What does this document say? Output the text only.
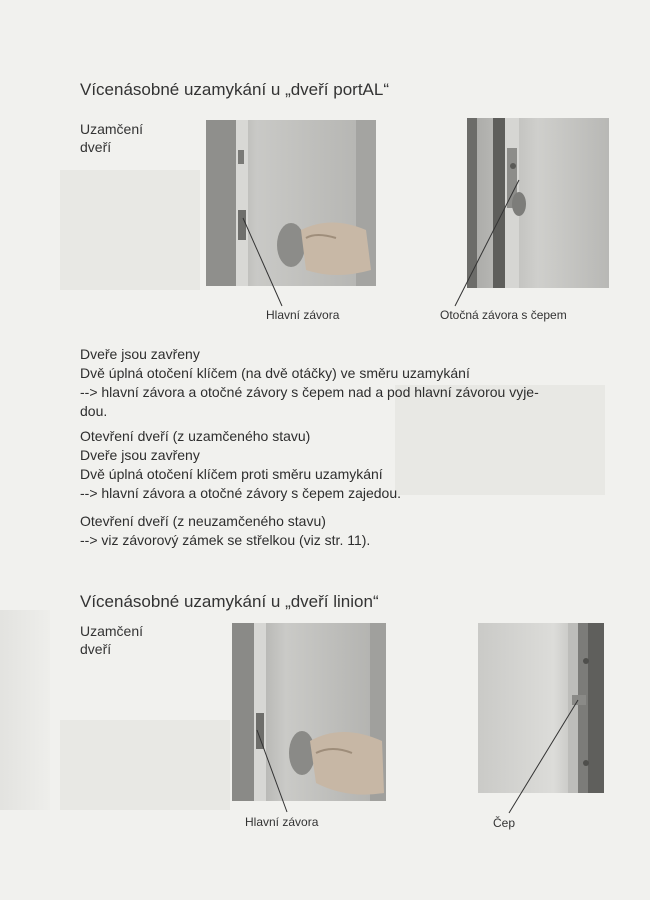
Vícenásobné uzamykání u „dveří portAL“
Uzamčení
dveří
Hlavní závora	Otočná závora s čepem
Dveře jsou zavřeny
Dvě úplná otočení klíčem (na dvě otáčky) ve směru uzamykání
--> hlavní závora a otočné závory s čepem nad a pod hlavní závorou vyje-
dou.
Otevření dveří (z uzamčeného stavu)
Dveře jsou zavřeny
Dvě úplná otočení klíčem proti směru uzamykání
--> hlavní závora a otočné závory s čepem zajedou.
Otevření dveří (z neuzamčeného stavu)
--> viz závorový zámek se střelkou (viz str. 11).
Vícenásobné uzamykání u „dveří linion“
Uzamčení
dveří
Hlavní závora	Čep
